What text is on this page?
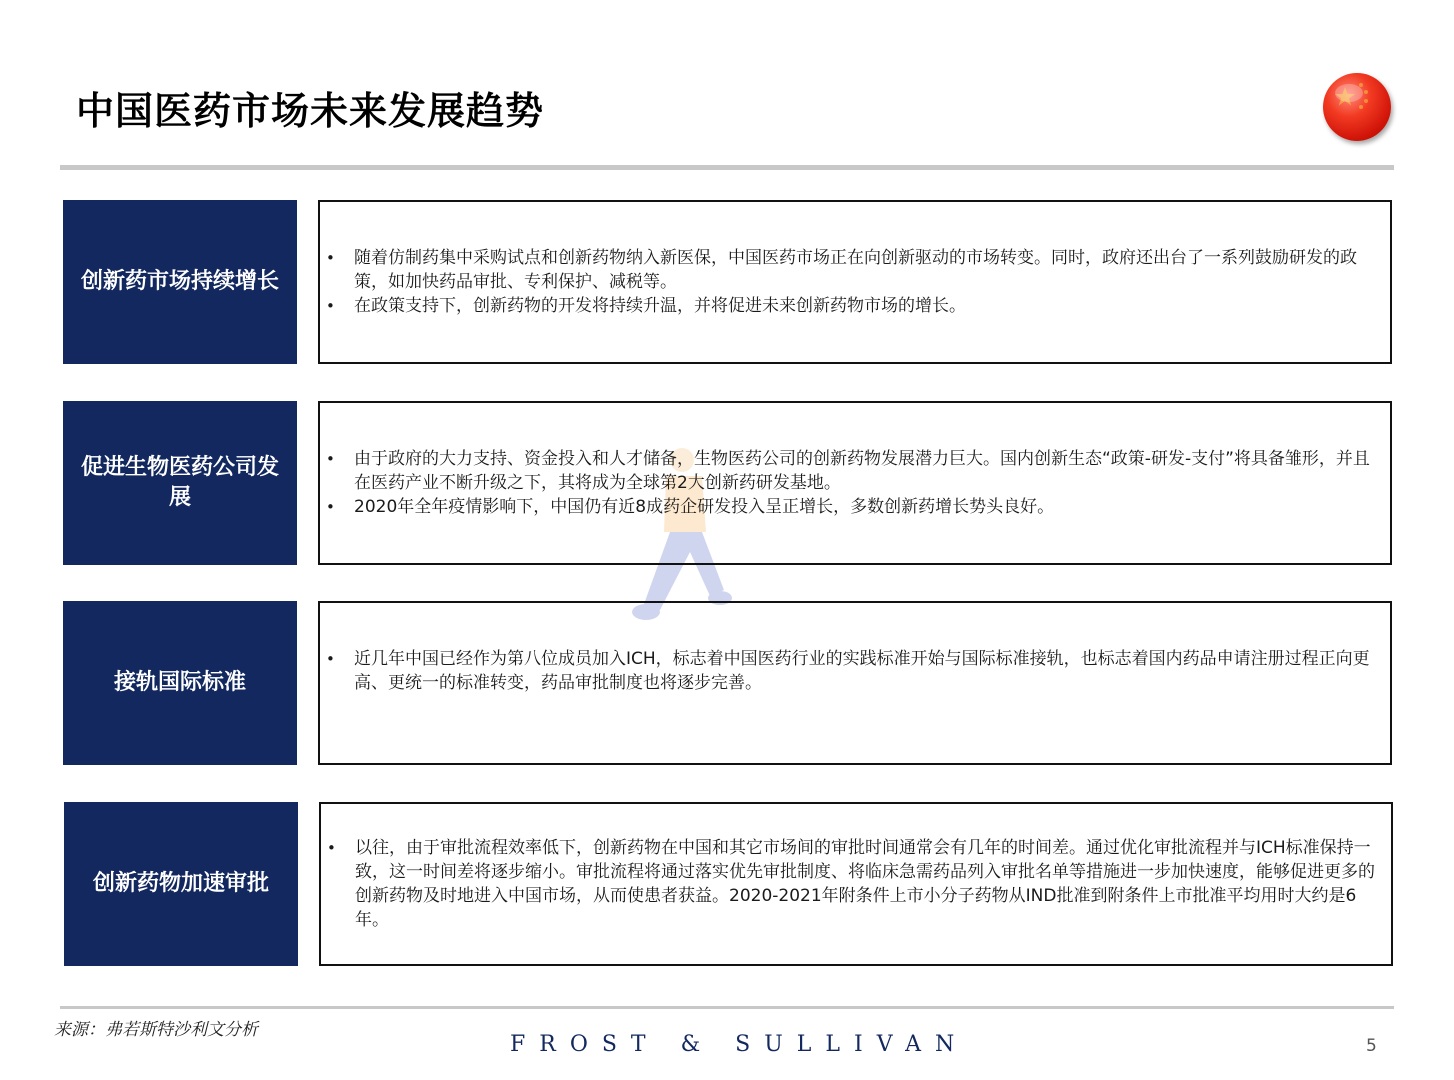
中国医药市场未来发展趋势
创新药市场持续增长
• 随着仿制药集中采购试点和创新药物纳入新医保，中国医药市场正在向创新驱动的市场转变。同时，政府还出台了一系列鼓励研发的政策，如加快药品审批、专利保护、减税等。
• 在政策支持下，创新药物的开发将持续升温，并将促进未来创新药物市场的增长。
促进生物医药公司发展
• 由于政府的大力支持、资金投入和人才储备，生物医药公司的创新药物发展潜力巨大。国内创新生态“政策-研发-支付”将具备雏形，并且在医药产业不断升级之下，其将成为全球第2大创新药研发基地。
• 2020年全年疫情影响下，中国仍有近8成药企研发投入呈正增长，多数创新药增长势头良好。
接轨国际标准
• 近几年中国已经作为第八位成员加入ICH，标志着中国医药行业的实践标准开始与国际标准接轨，也标志着国内药品申请注册过程正向更高、更统一的标准转变，药品审批制度也将逐步完善。
创新药物加速审批
• 以往，由于审批流程效率低下，创新药物在中国和其它市场间的审批时间通常会有几年的时间差。通过优化审批流程并与ICH标准保持一致，这一时间差将逐步缩小。审批流程将通过落实优先审批制度、将临床急需药品列入审批名单等措施进一步加快速度，能够促进更多的创新药物及时地进入中国市场，从而使患者获益。2020-2021年附条件上市小分子药物从IND批准到附条件上市批准平均用时大约是6年。
来源：弗若斯特沙利文分析
FROST & SULLIVAN	5
